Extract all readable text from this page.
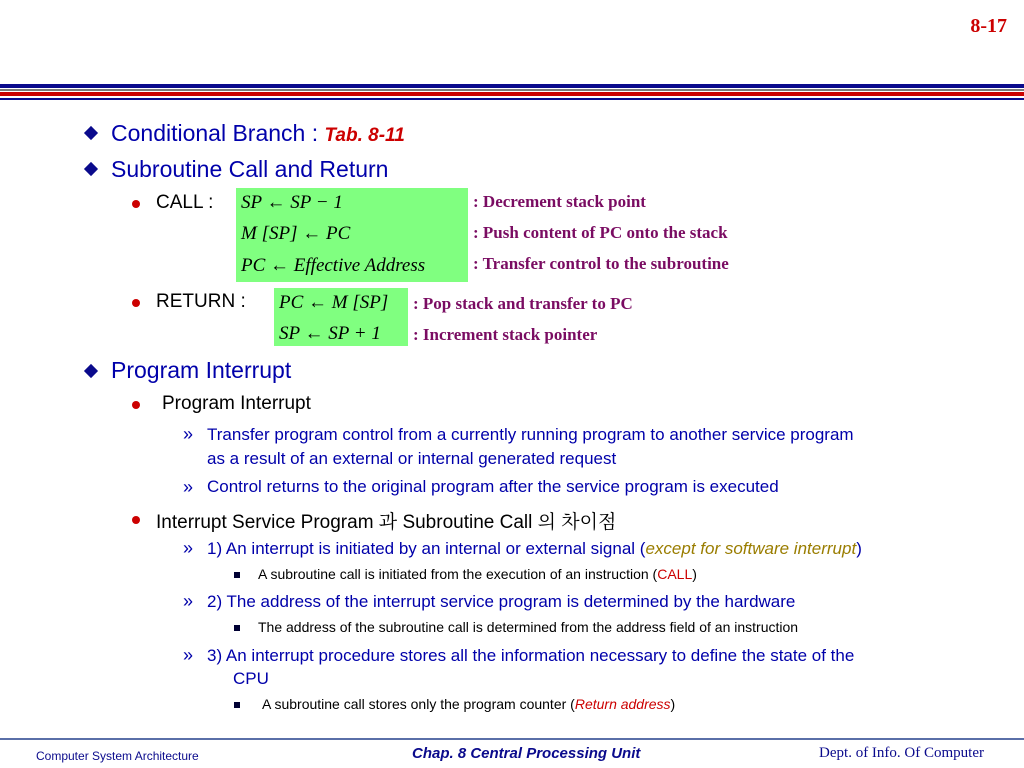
8-17
Conditional Branch : Tab. 8-11
Subroutine Call and Return
CALL : SP ← SP − 1
M [SP] ← PC
PC ← Effective Address
: Decrement stack point
: Push content of PC onto the stack
: Transfer control to the subroutine
RETURN : PC ← M [SP]
SP ← SP + 1
: Pop stack and transfer to PC
: Increment stack pointer
Program Interrupt
Program Interrupt
» Transfer program control from a currently running program to another service program
as a result of an external or internal generated request
» Control returns to the original program after the service program is executed
Interrupt Service Program 과 Subroutine Call 의 차이점
» 1) An interrupt is initiated by an internal or external signal (except for software interrupt)
A subroutine call is initiated from the execution of an instruction (CALL)
» 2) The address of the interrupt service program is determined by the hardware
The address of the subroutine call is determined from the address field of an instruction
» 3) An interrupt procedure stores all the information necessary to define the state of the
CPU
A subroutine call stores only the program counter (Return address)
Computer System Architecture	Chap. 8 Central Processing Unit	Dept. of Info. Of Computer
